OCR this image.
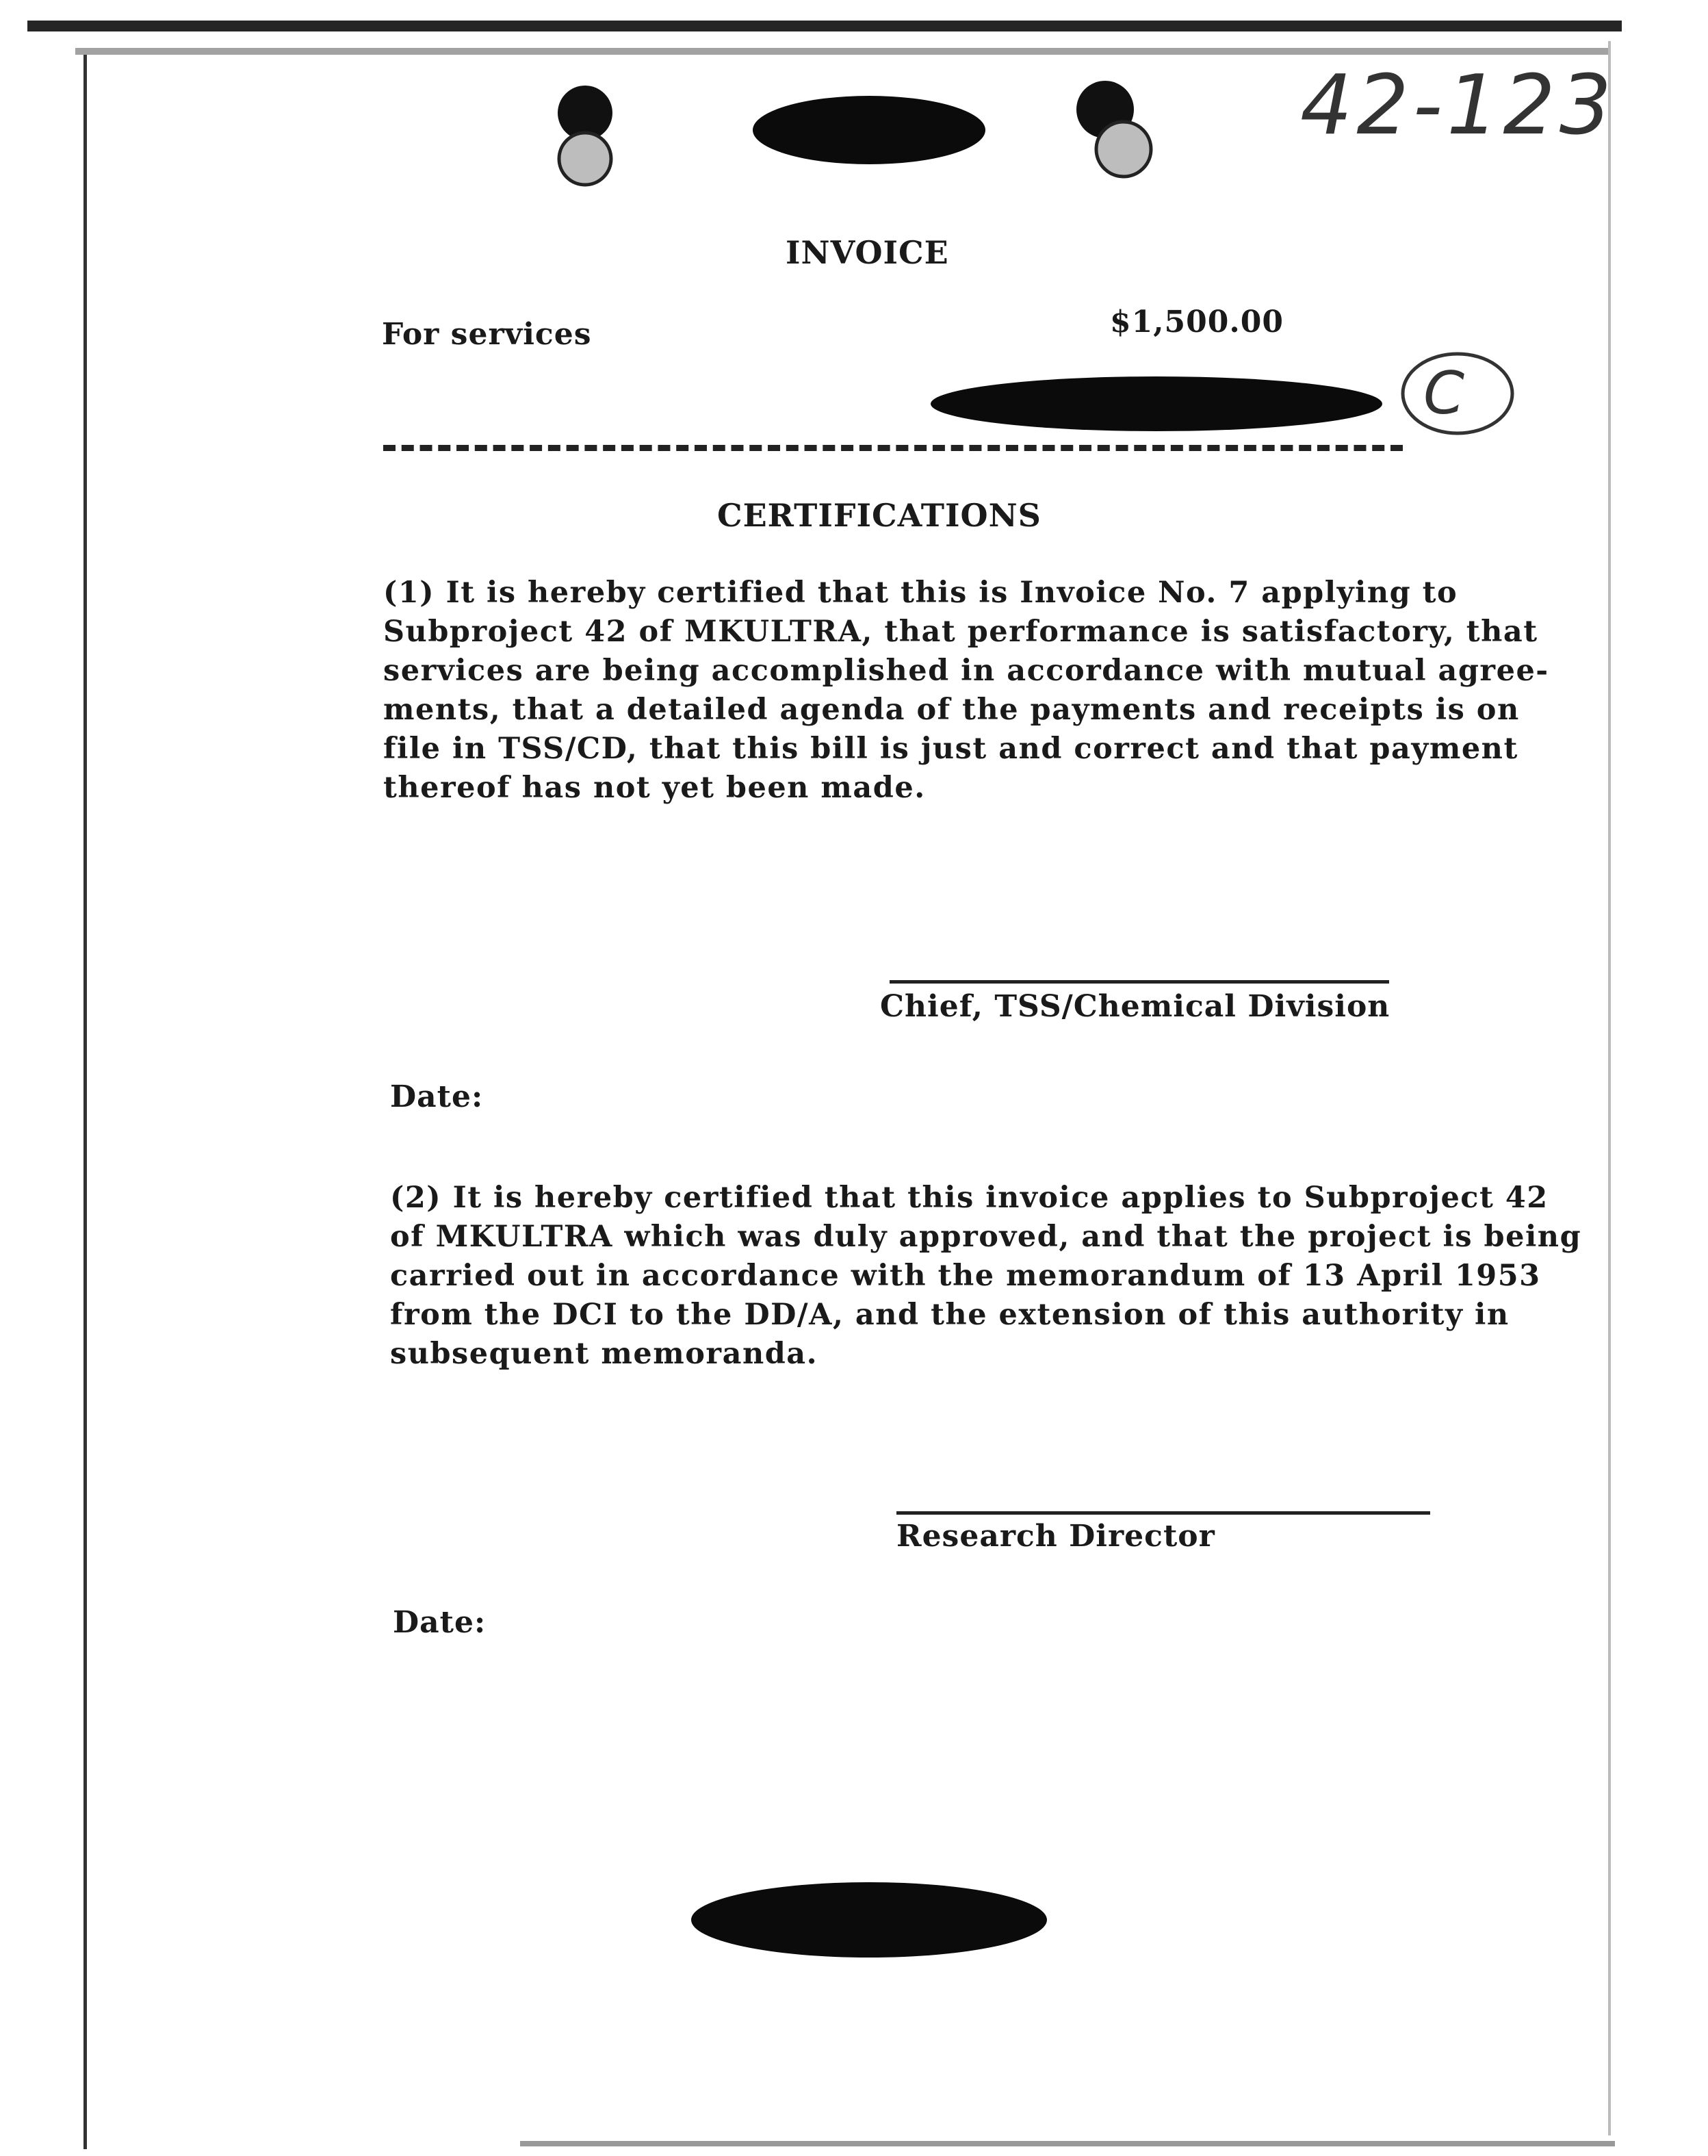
42-123
C
INVOICE
For services	$1,500.00
CERTIFICATIONS
(1) It is hereby certified that this is Invoice No. 7 applying to
Subproject 42 of MKULTRA, that performance is satisfactory, that
services are being accomplished in accordance with mutual agree-
ments, that a detailed agenda of the payments and receipts is on
file in TSS/CD, that this bill is just and correct and that payment
thereof has not yet been made.
Chief, TSS/Chemical Division
Date:
(2) It is hereby certified that this invoice applies to Subproject 42
of MKULTRA which was duly approved, and that the project is being
carried out in accordance with the memorandum of 13 April 1953
from the DCI to the DD/A, and the extension of this authority in
subsequent memoranda.
Research Director
Date:
